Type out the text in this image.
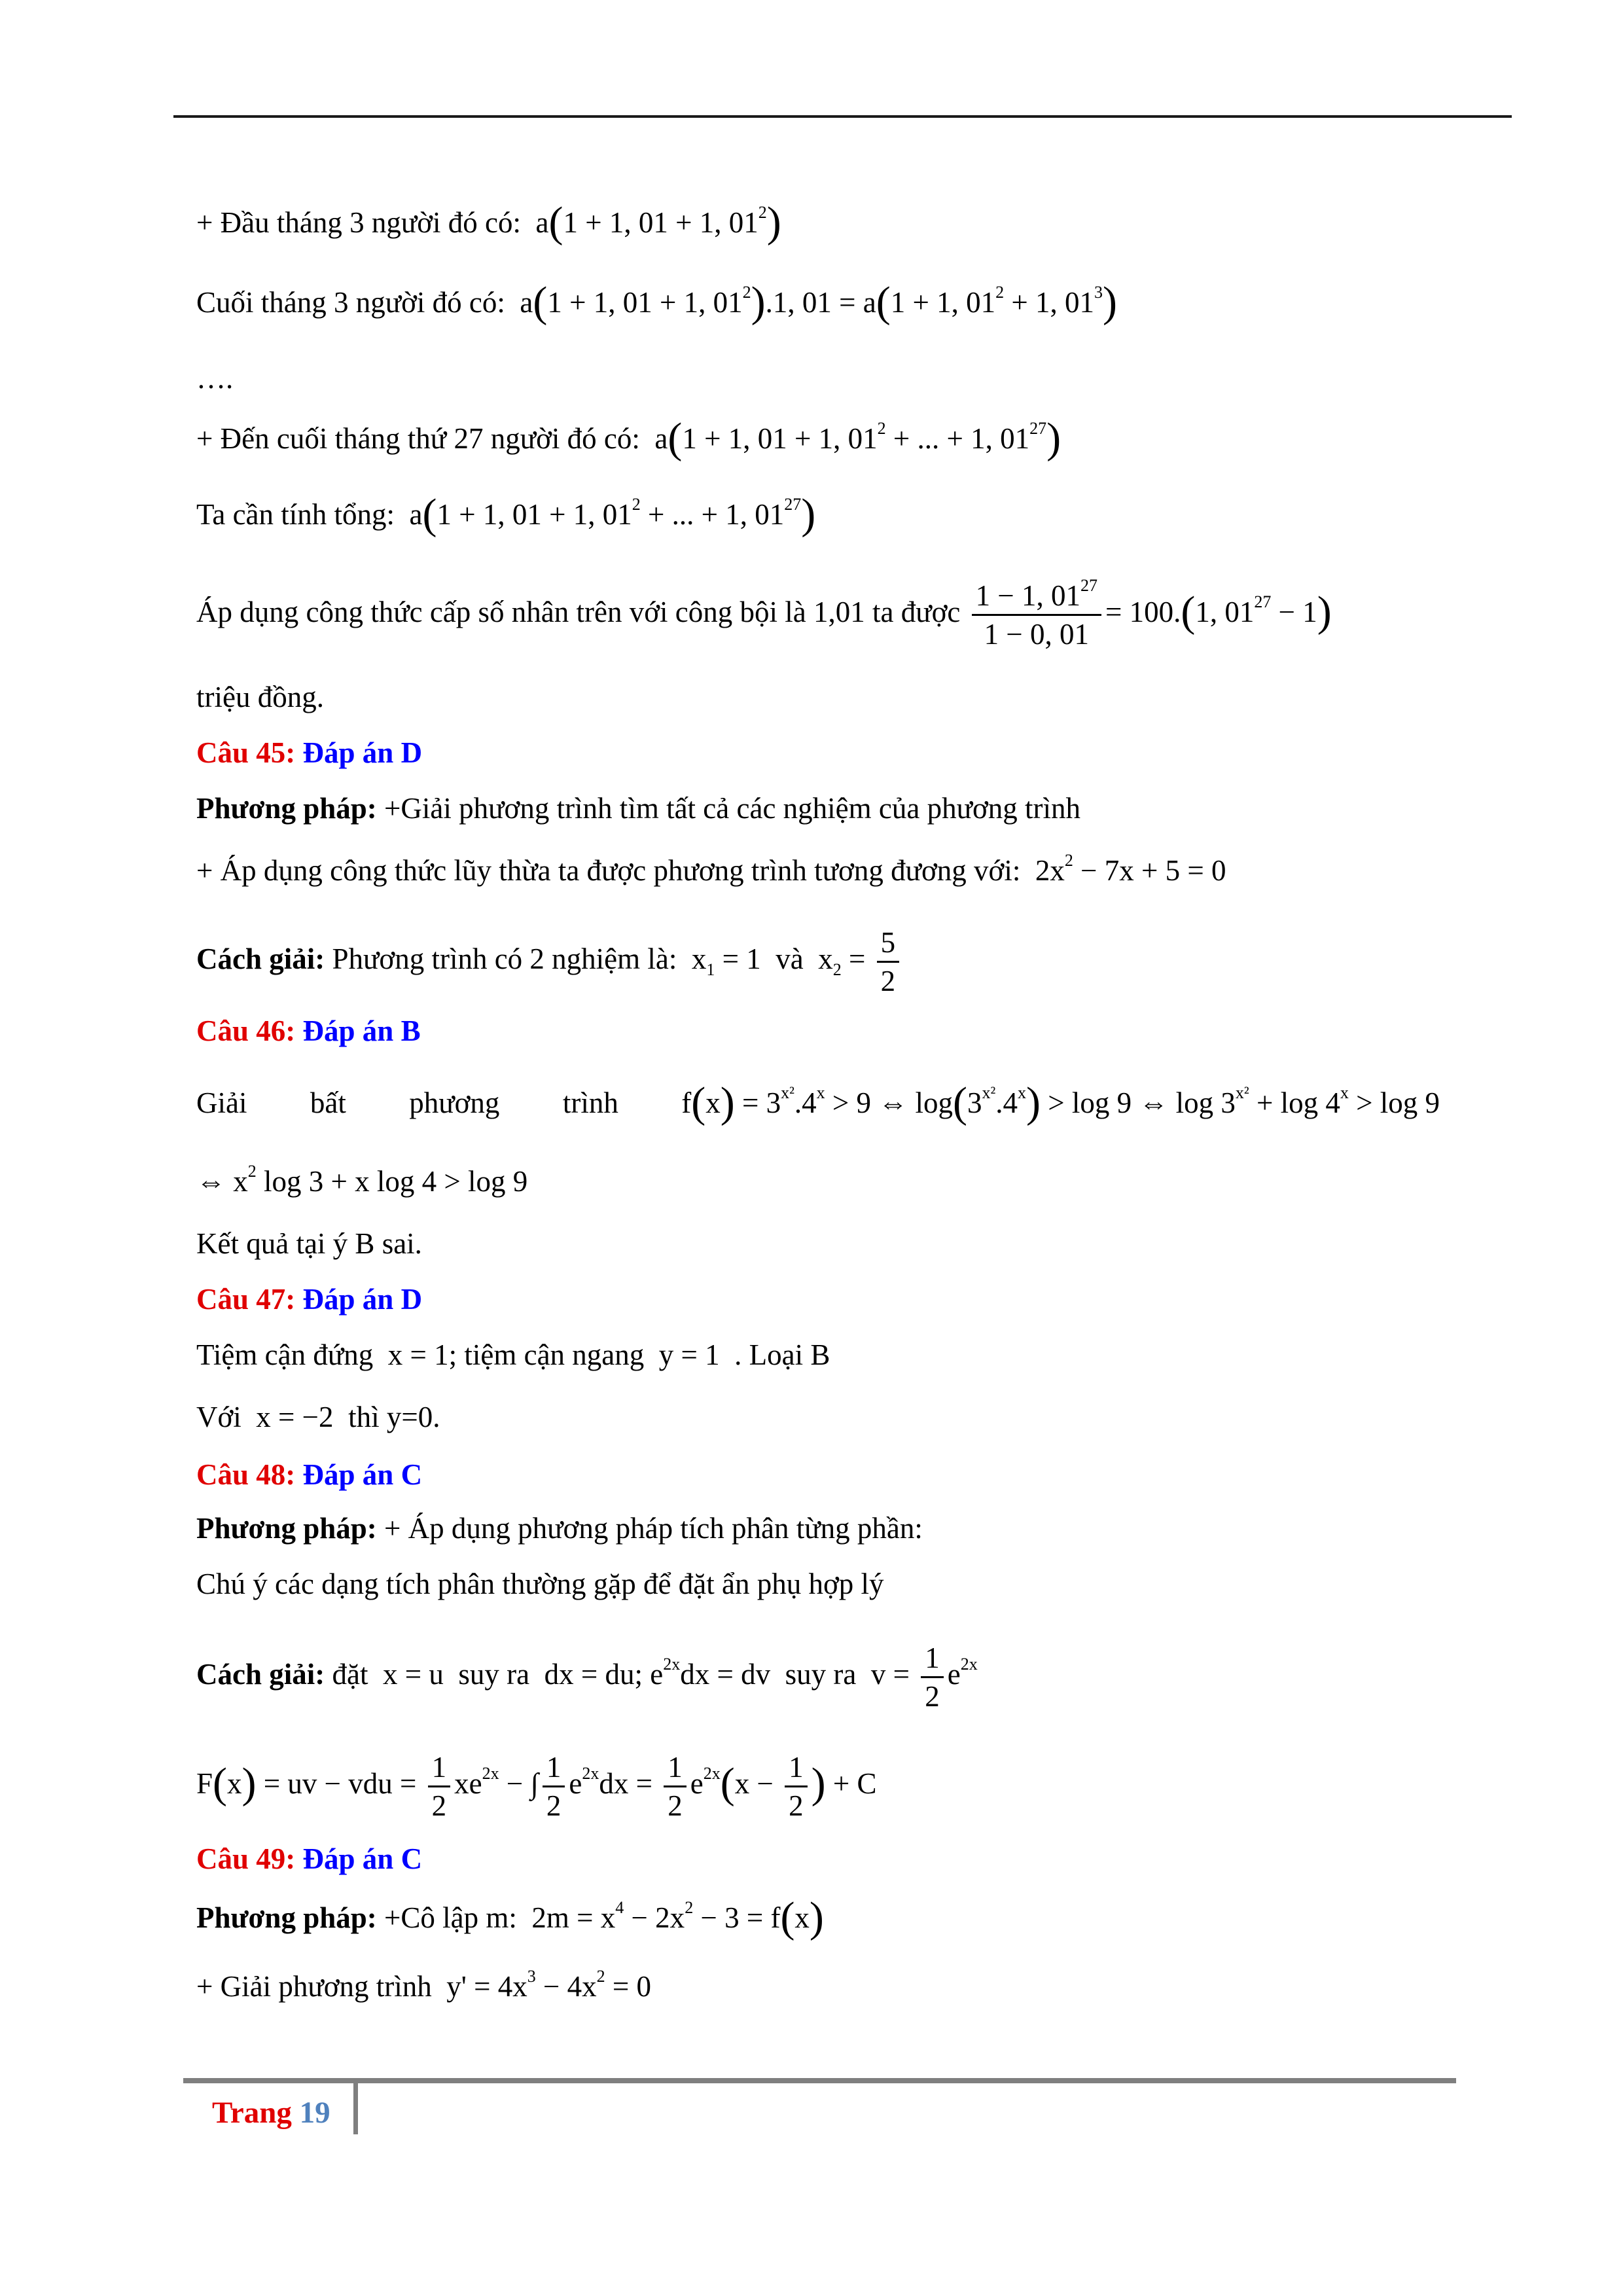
+ Đầu tháng 3 người đó có:  a(1 + 1, 01 + 1, $01^2$)
Cuối tháng 3 người đó có:  a(1 + 1, 01 + 1, $01^2).1$, 01 = a(1 + 1, $01^2 + 1$, $01^3$)
….
+ Đến cuối tháng thứ 27 người đó có:  a(1 + 1, 01 + 1, $01^2$ + ... + 1, $01^{27}$)
Ta cần tính tổng:  a(1 + 1, 01 + 1, $01^2$ + ... + 1, $01^{27}$)
Áp dụng công thức cấp số nhân trên với công bội là 1,01 ta được $\frac{1 - 1, 01^{27}}{1 - 0, 01} = 100.(1$, $01^{27} - 1$)
triệu đồng.
Câu 45: Đáp án D
Phương pháp: +Giải phương trình tìm tất cả các nghiệm của phương trình
+ Áp dụng công thức lũy thừa ta được phương trình tương đương với:  $2x^2 - 7x + 5 = 0$
Cách giải: Phương trình có 2 nghiệm là:  $x_1 = 1$  và  $x_2 = \frac{5}{2}$
Câu 46: Đáp án B
Giải bất phương trình $f(x) = 3^{x^2}.4^x > 9$ ⇔ $\log(3^{x^2}.4^x) > \log 9$ ⇔ $\log 3^{x^2} + \log 4^x > \log 9$
⇔ $x^2$ log 3 + x log 4 > log 9
Kết quả tại ý B sai.
Câu 47: Đáp án D
Tiệm cận đứng  x = 1; tiệm cận ngang  y = 1  . Loại B
Với  x = −2  thì y=0.
Câu 48: Đáp án C
Phương pháp: + Áp dụng phương pháp tích phân từng phần:
Chú ý các dạng tích phân thường gặp để đặt ẩn phụ hợp lý
Cách giải: đặt  x = u  suy ra  dx = du; $e^{2x}dx$ = dv  suy ra  $v = \frac{1}{2} e^{2x}$
F(x) = uv − vdu = $\frac{1}{2} xe^{2x}$ − ∫ $\frac{1}{2} e^{2x}dx = \frac{1}{2} e^{2x}(x - \frac{1}{2}$ ) + C
Câu 49: Đáp án C
Phương pháp: +Cô lập m:  $2m = x^4 - 2x^2 - 3 = f(x)$
+ Giải phương trình  $y' = 4x^3 - 4x^2 = 0$
Trang 19
